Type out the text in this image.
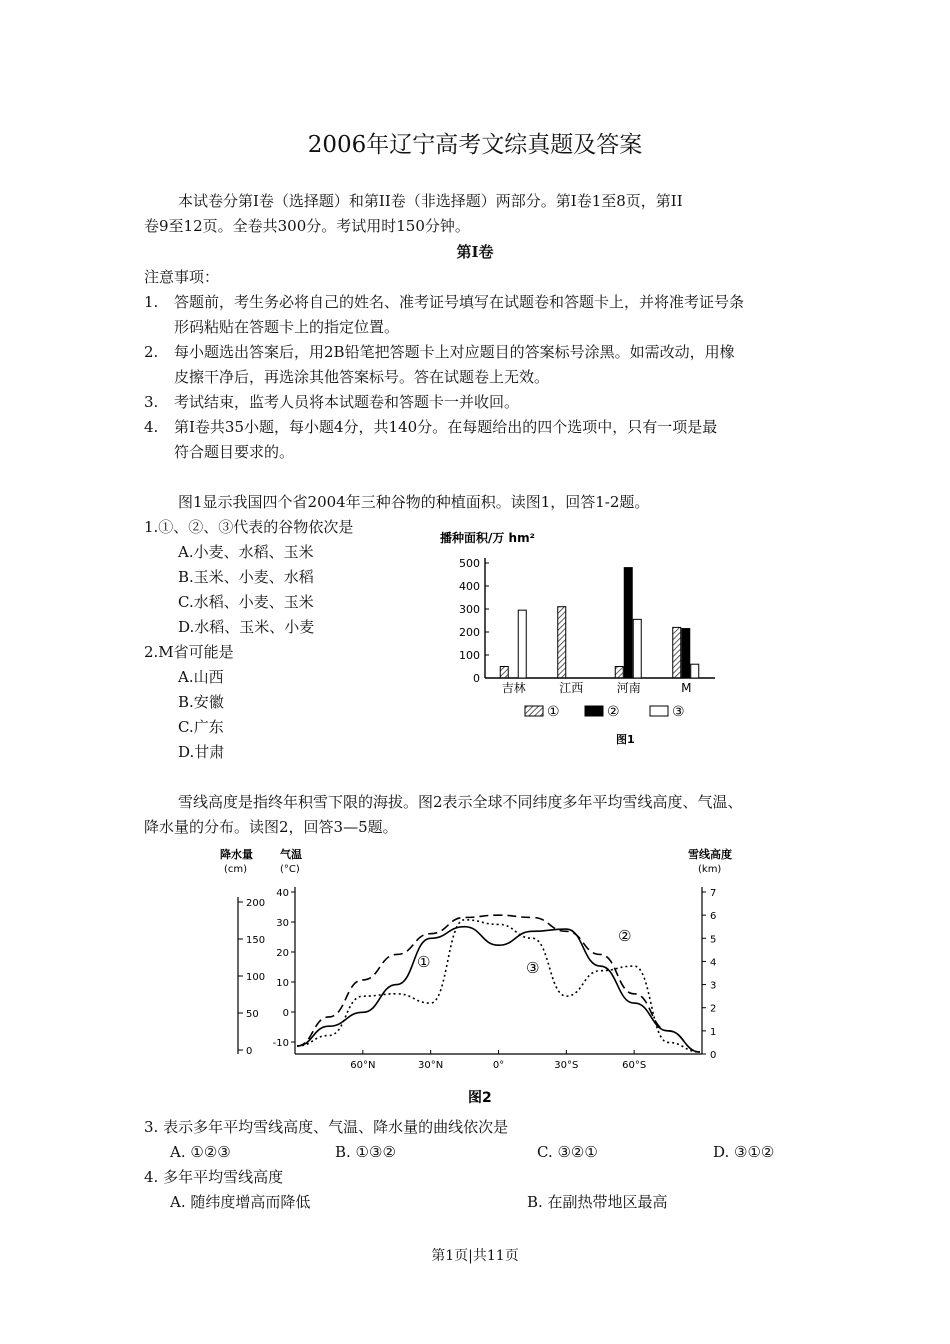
2006年辽宁高考文综真题及答案
本试卷分第Ⅰ卷（选择题）和第II卷（非选择题）两部分。第Ⅰ卷1至8页，第II
卷9至12页。全卷共300分。考试用时150分钟。
第Ⅰ卷
注意事项：
1. 答题前，考生务必将自己的姓名、准考证号填写在试题卷和答题卡上，并将准考证号条
形码粘贴在答题卡上的指定位置。
2. 每小题选出答案后，用2B铅笔把答题卡上对应题目的答案标号涂黑。如需改动，用橡
皮擦干净后，再选涂其他答案标号。答在试题卷上无效。
3. 考试结束，监考人员将本试题卷和答题卡一并收回。
4. 第Ⅰ卷共35小题，每小题4分，共140分。在每题给出的四个选项中，只有一项是最
符合题目要求的。
图1显示我国四个省2004年三种谷物的种植面积。读图1，回答1-2题。
1.①、②、③代表的谷物依次是
A.小麦、水稻、玉米
B.玉米、小麦、水稻
C.水稻、小麦、玉米
D.水稻、玉米、小麦
2.M省可能是
A.山西
B.安徽
C.广东
D.甘肃
播种面积/万 hm²
0
100
200
300
400
500
吉林	江西	河南	M
①	②	③
图1
雪线高度是指终年积雪下限的海拔。图2表示全球不同纬度多年平均雪线高度、气温、
降水量的分布。读图2，回答3—5题。
降水量
(cm)
气温
(°C)
雪线高度
(km)
200
150
100
50
0
40
30
20
10
0
-10
7
6
5
4
3
2
1
0
60°N	30°N	0°	30°S	60°S
①
②
③
图2
3. 表示多年平均雪线高度、气温、降水量的曲线依次是
A. ①②③	B. ①③②	C. ③②①	D. ③①②
4. 多年平均雪线高度
A. 随纬度增高而降低	B. 在副热带地区最高
第1页|共11页
